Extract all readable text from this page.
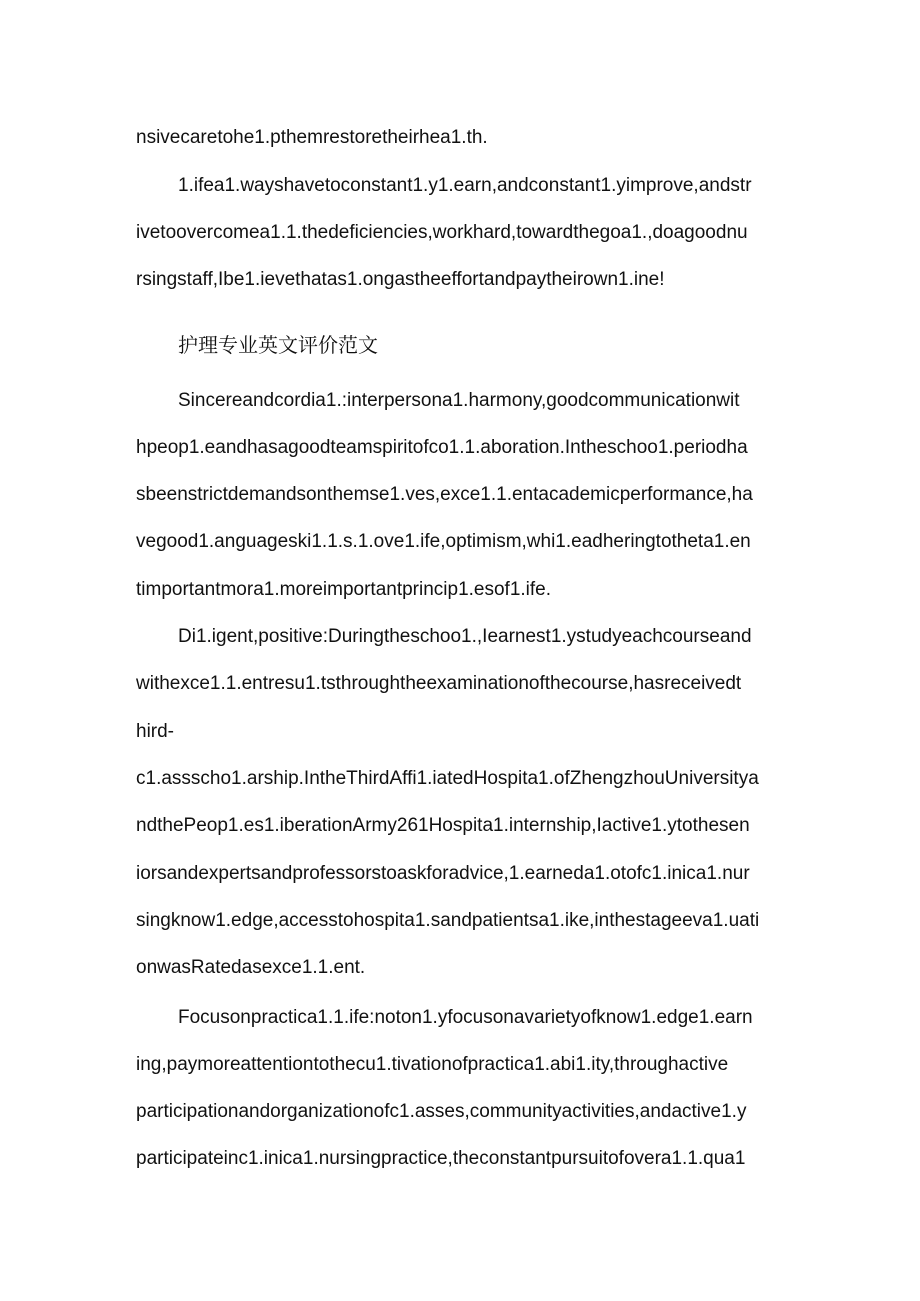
nsivecaretohe1.pthemrestoretheirhea1.th.
1.ifea1.wayshavetoconstant1.y1.earn,andconstant1.yimprove,andstr
ivetoovercomea1.1.thedeficiencies,workhard,towardthegoa1.,doagoodnu
rsingstaff,Ibe1.ievethatas1.ongastheeffortandpaytheirown1.ine!
护理专业英文评价范文
Sincereandcordia1.:interpersona1.harmony,goodcommunicationwit
hpeop1.eandhasagoodteamspiritofco1.1.aboration.Intheschoo1.periodha
sbeenstrictdemandsonthemse1.ves,exce1.1.entacademicperformance,ha
vegood1.anguageski1.1.s.1.ove1.ife,optimism,whi1.eadheringtotheta1.en
timportantmora1.moreimportantprincip1.esof1.ife.
Di1.igent,positive:Duringtheschoo1.,Iearnest1.ystudyeachcourseand
withexce1.1.entresu1.tsthroughtheexaminationofthecourse,hasreceivedt
hird-
c1.assscho1.arship.IntheThirdAffi1.iatedHospita1.ofZhengzhouUniversitya
ndthePeop1.es1.iberationArmy261Hospita1.internship,Iactive1.ytothesen
iorsandexpertsandprofessorstoaskforadvice,1.earneda1.otofc1.inica1.nur
singknow1.edge,accesstohospita1.sandpatientsa1.ike,inthestageeva1.uati
onwasRatedasexce1.1.ent.
Focusonpractica1.1.ife:noton1.yfocusonavarietyofknow1.edge1.earn
ing,paymoreattentiontothecu1.tivationofpractica1.abi1.ity,throughactive
participationandorganizationofc1.asses,communityactivities,andactive1.y
participateinc1.inica1.nursingpractice,theconstantpursuitofovera1.1.qua1
